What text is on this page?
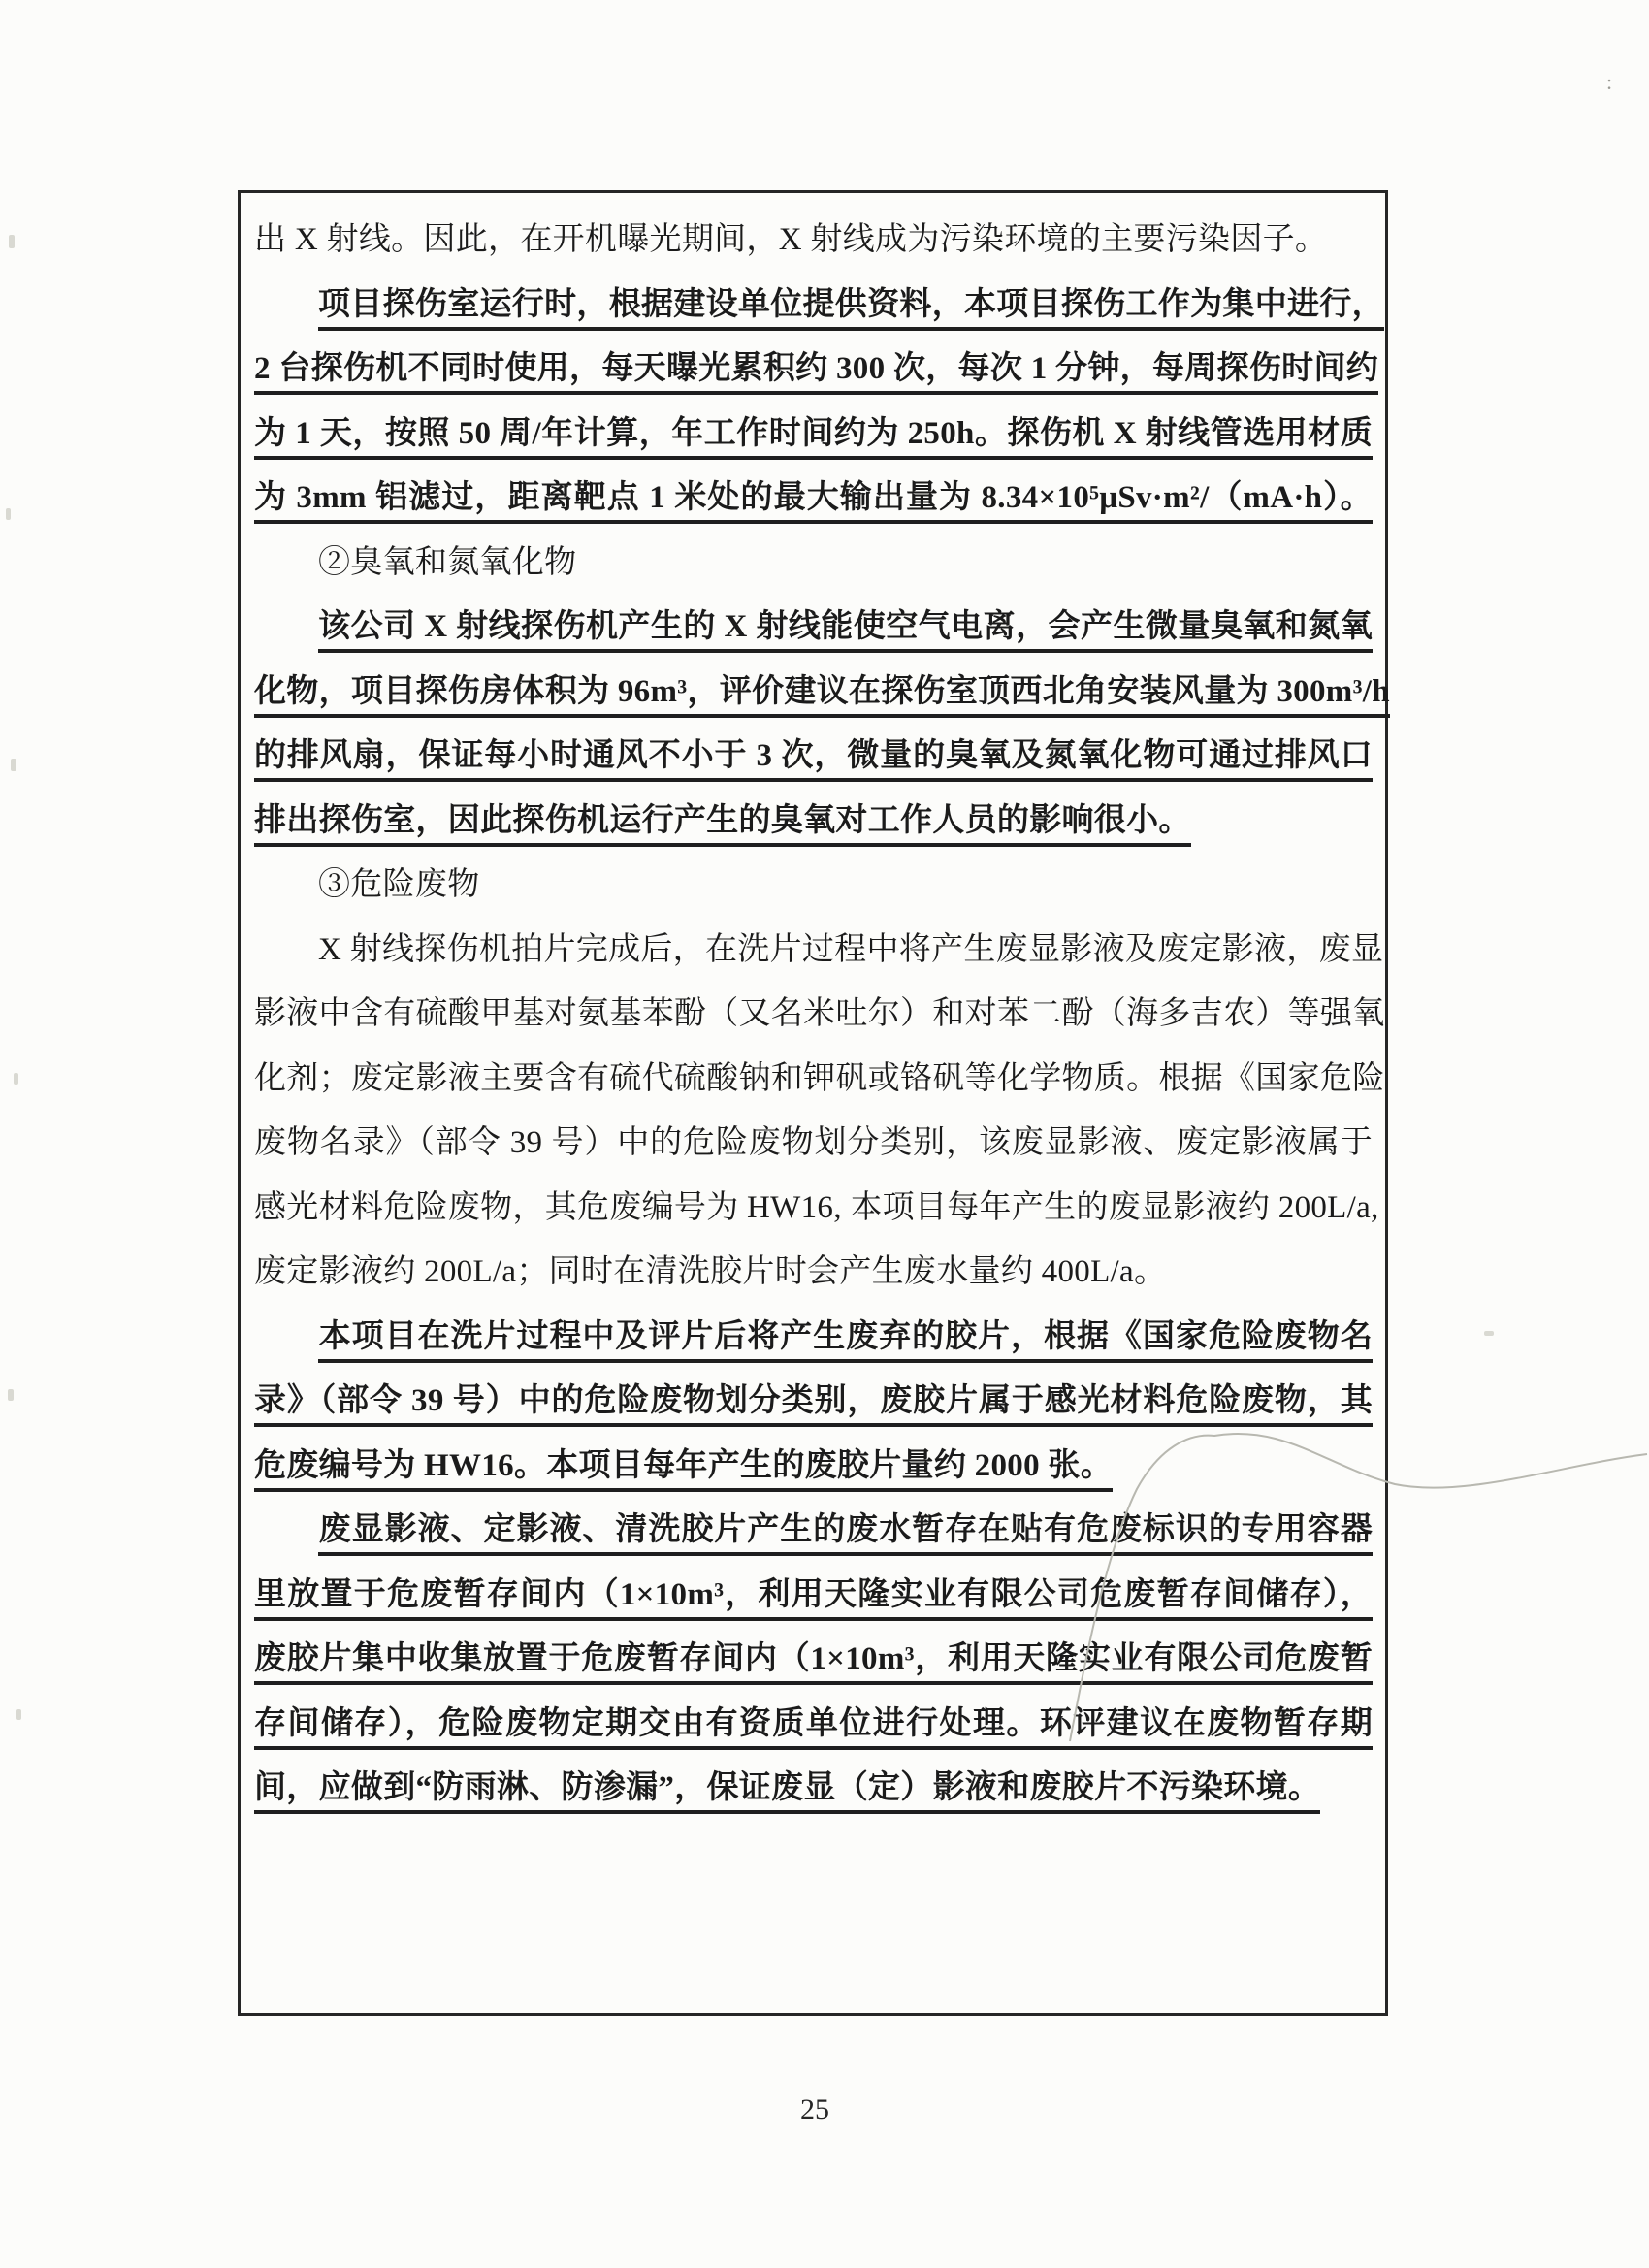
出 X 射线。因此，在开机曝光期间，X 射线成为污染环境的主要污染因子。
项目探伤室运行时，根据建设单位提供资料，本项目探伤工作为集中进行，
2 台探伤机不同时使用，每天曝光累积约 300 次，每次 1 分钟，每周探伤时间约
为 1 天，按照 50 周/年计算，年工作时间约为 250h。探伤机 X 射线管选用材质
为 3mm 铝滤过，距离靶点 1 米处的最大输出量为 8.34×10⁵μSv·m²/（mA·h）。
②臭氧和氮氧化物
该公司 X 射线探伤机产生的 X 射线能使空气电离，会产生微量臭氧和氮氧
化物，项目探伤房体积为 96m³，评价建议在探伤室顶西北角安装风量为 300m³/h
的排风扇，保证每小时通风不小于 3 次，微量的臭氧及氮氧化物可通过排风口
排出探伤室，因此探伤机运行产生的臭氧对工作人员的影响很小。
③危险废物
X 射线探伤机拍片完成后，在洗片过程中将产生废显影液及废定影液，废显
影液中含有硫酸甲基对氨基苯酚（又名米吐尔）和对苯二酚（海多吉农）等强氧
化剂；废定影液主要含有硫代硫酸钠和钾矾或铬矾等化学物质。根据《国家危险
废物名录》（部令 39 号）中的危险废物划分类别，该废显影液、废定影液属于
感光材料危险废物，其危废编号为 HW16, 本项目每年产生的废显影液约 200L/a,
废定影液约 200L/a；同时在清洗胶片时会产生废水量约 400L/a。
本项目在洗片过程中及评片后将产生废弃的胶片，根据《国家危险废物名
录》（部令 39 号）中的危险废物划分类别，废胶片属于感光材料危险废物，其
危废编号为 HW16。本项目每年产生的废胶片量约 2000 张。
废显影液、定影液、清洗胶片产生的废水暂存在贴有危废标识的专用容器
里放置于危废暂存间内（1×10m³，利用天隆实业有限公司危废暂存间储存），
废胶片集中收集放置于危废暂存间内（1×10m³，利用天隆实业有限公司危废暂
存间储存），危险废物定期交由有资质单位进行处理。环评建议在废物暂存期
间，应做到“防雨淋、防渗漏”，保证废显（定）影液和废胶片不污染环境。
:
25
